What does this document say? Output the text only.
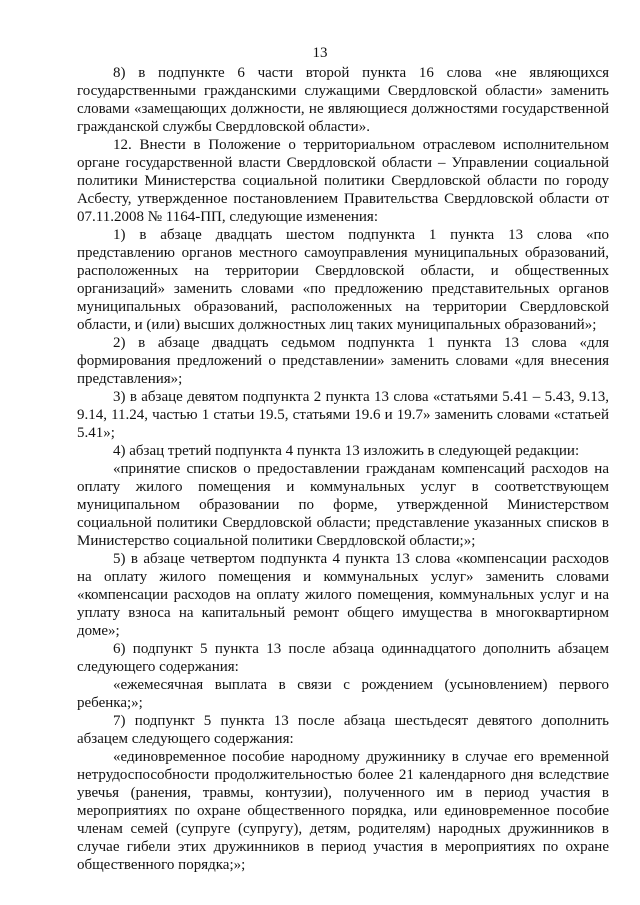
13

8) в подпункте 6 части второй пункта 16 слова «не являющихся государственными гражданскими служащими Свердловской области» заменить словами «замещающих должности, не являющиеся должностями государственной гражданской службы Свердловской области».

12. Внести в Положение о территориальном отраслевом исполнительном органе государственной власти Свердловской области – Управлении социальной политики Министерства социальной политики Свердловской области по городу Асбесту, утвержденное постановлением Правительства Свердловской области от 07.11.2008 № 1164-ПП, следующие изменения:

1) в абзаце двадцать шестом подпункта 1 пункта 13 слова «по представлению органов местного самоуправления муниципальных образований, расположенных на территории Свердловской области, и общественных организаций» заменить словами «по предложению представительных органов муниципальных образований, расположенных на территории Свердловской области, и (или) высших должностных лиц таких муниципальных образований»;

2) в абзаце двадцать седьмом подпункта 1 пункта 13 слова «для формирования предложений о представлении» заменить словами «для внесения представления»;

3) в абзаце девятом подпункта 2 пункта 13 слова «статьями 5.41 – 5.43, 9.13, 9.14, 11.24, частью 1 статьи 19.5, статьями 19.6 и 19.7» заменить словами «статьей 5.41»;

4) абзац третий подпункта 4 пункта 13 изложить в следующей редакции:

«принятие списков о предоставлении гражданам компенсаций расходов на оплату жилого помещения и коммунальных услуг в соответствующем муниципальном образовании по форме, утвержденной Министерством социальной политики Свердловской области; представление указанных списков в Министерство социальной политики Свердловской области;»;

5) в абзаце четвертом подпункта 4 пункта 13 слова «компенсации расходов на оплату жилого помещения и коммунальных услуг» заменить словами «компенсации расходов на оплату жилого помещения, коммунальных услуг и на уплату взноса на капитальный ремонт общего имущества в многоквартирном доме»;

6) подпункт 5 пункта 13 после абзаца одиннадцатого дополнить абзацем следующего содержания:

«ежемесячная выплата в связи с рождением (усыновлением) первого ребенка;»;

7) подпункт 5 пункта 13 после абзаца шестьдесят девятого дополнить абзацем следующего содержания:

«единовременное пособие народному дружиннику в случае его временной нетрудоспособности продолжительностью более 21 календарного дня вследствие увечья (ранения, травмы, контузии), полученного им в период участия в мероприятиях по охране общественного порядка, или единовременное пособие членам семей (супруге (супругу), детям, родителям) народных дружинников в случае гибели этих дружинников в период участия в мероприятиях по охране общественного порядка;»;
